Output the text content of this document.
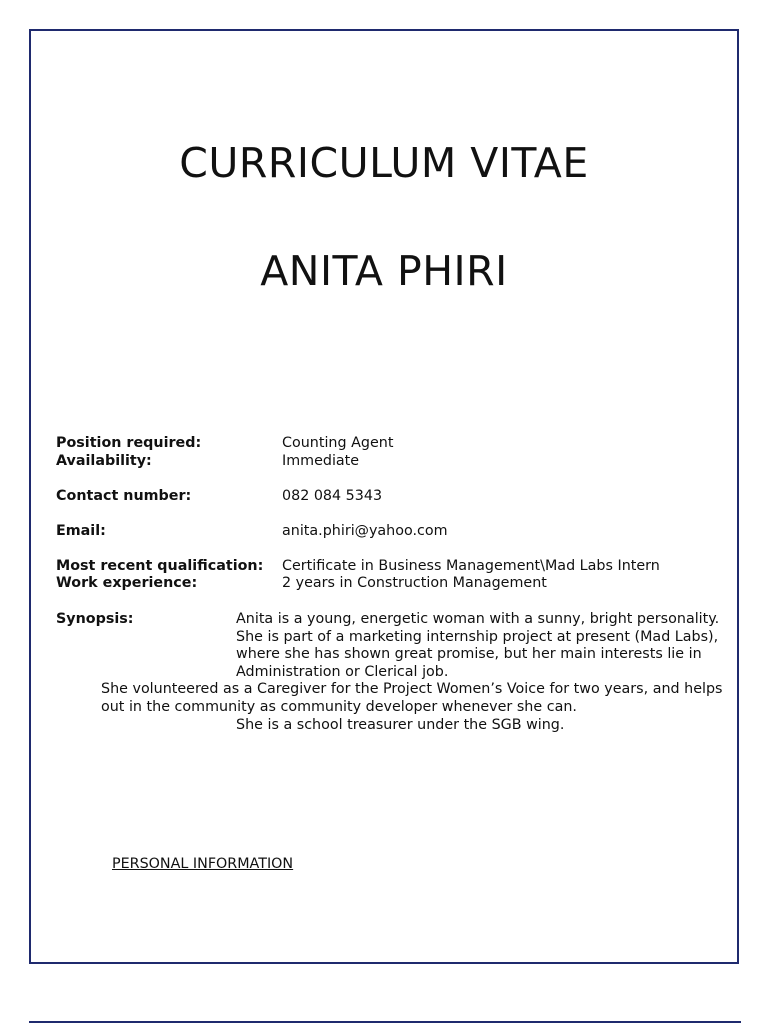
CURRICULUM VITAE
ANITA PHIRI
Position required:	Counting Agent
Availability:	Immediate
Contact number:	082 084 5343
Email:	anita.phiri@yahoo.com
Most recent qualification: Certificate in Business Management\Mad Labs Intern
Work experience:	2 years in Construction Management
Synopsis:	Anita is a young, energetic woman with a sunny, bright personality. She is part of a marketing internship project at present (Mad Labs), where she has shown great promise, but her main interests lie in Administration or Clerical job.

She volunteered as a Caregiver for the Project Women’s Voice for two years, and helps out in the community as community developer whenever she can.

She is a school treasurer under the SGB wing.

PERSONAL INFORMATION
